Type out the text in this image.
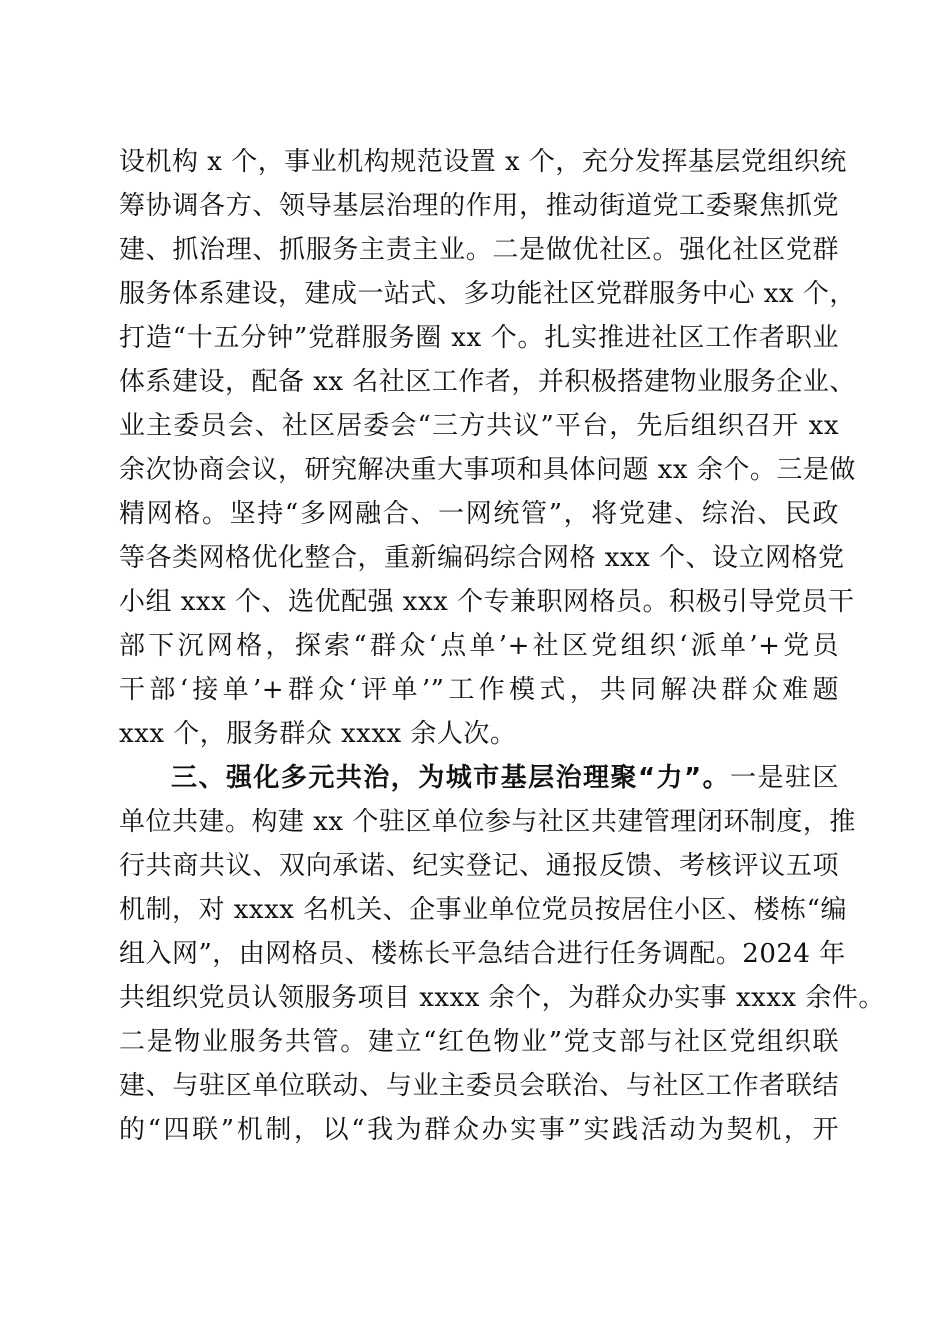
设机构 x 个，事业机构规范设置 x 个，充分发挥基层党组织统
筹协调各方、领导基层治理的作用，推动街道党工委聚焦抓党
建、抓治理、抓服务主责主业。二是做优社区。强化社区党群
服务体系建设，建成一站式、多功能社区党群服务中心 xx 个，
打造“十五分钟”党群服务圈 xx 个。扎实推进社区工作者职业
体系建设，配备 xx 名社区工作者，并积极搭建物业服务企业、
业主委员会、社区居委会“三方共议”平台，先后组织召开 xx
余次协商会议，研究解决重大事项和具体问题 xx 余个。三是做
精网格。坚持“多网融合、一网统管”，将党建、综治、民政
等各类网格优化整合，重新编码综合网格 xxx 个、设立网格党
小组 xxx 个、选优配强 xxx 个专兼职网格员。积极引导党员干
部下沉网格，探索“群众‘点单’+社区党组织‘派单’+党员
干部‘接单’+群众‘评单’”工作模式，共同解决群众难题
xxx 个，服务群众 xxxx 余人次。
三、强化多元共治，为城市基层治理聚“力”。一是驻区
单位共建。构建 xx 个驻区单位参与社区共建管理闭环制度，推
行共商共议、双向承诺、纪实登记、通报反馈、考核评议五项
机制，对 xxxx 名机关、企事业单位党员按居住小区、楼栋“编
组入网”，由网格员、楼栋长平急结合进行任务调配。2024 年
共组织党员认领服务项目 xxxx 余个，为群众办实事 xxxx 余件。
二是物业服务共管。建立“红色物业”党支部与社区党组织联
建、与驻区单位联动、与业主委员会联治、与社区工作者联结
的“四联”机制，以“我为群众办实事”实践活动为契机，开
